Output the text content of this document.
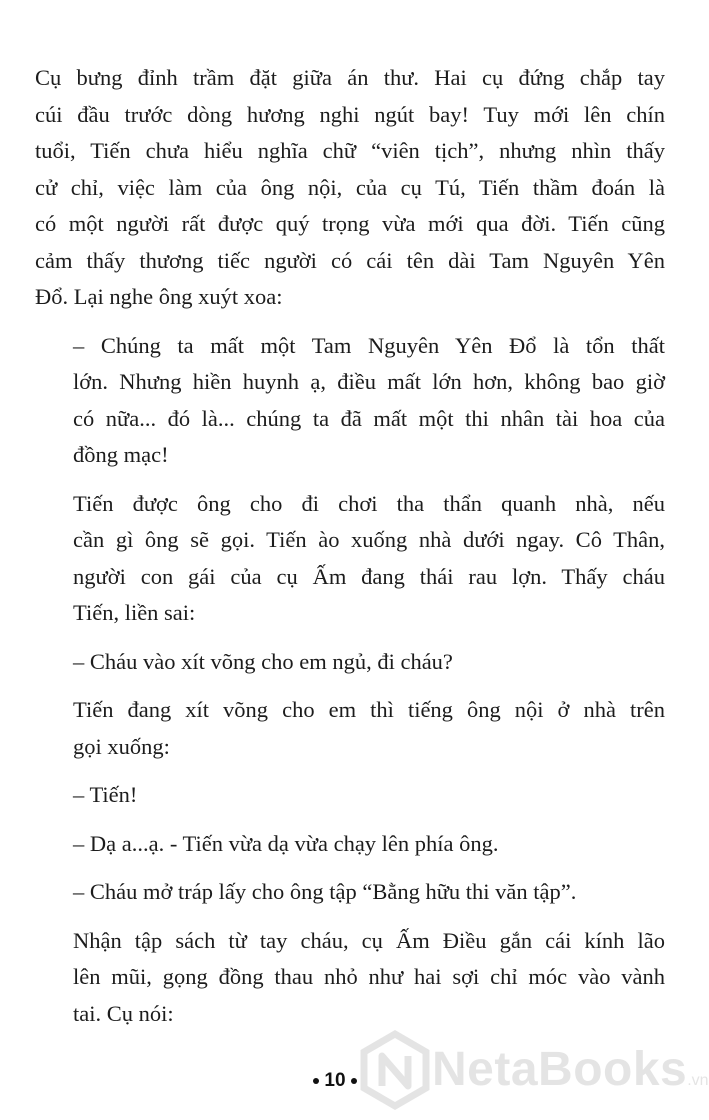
Cụ bưng đỉnh trầm đặt giữa án thư. Hai cụ đứng chắp tay
cúi đầu trước dòng hương nghi ngút bay! Tuy mới lên chín
tuổi, Tiến chưa hiểu nghĩa chữ “viên tịch”, nhưng nhìn thấy
cử chỉ, việc làm của ông nội, của cụ Tú, Tiến thầm đoán là
có một người rất được quý trọng vừa mới qua đời. Tiến cũng
cảm thấy thương tiếc người có cái tên dài Tam Nguyên Yên
Đổ. Lại nghe ông xuýt xoa:

– Chúng ta mất một Tam Nguyên Yên Đổ là tổn thất
lớn. Nhưng hiền huynh ạ, điều mất lớn hơn, không bao giờ
có nữa... đó là... chúng ta đã mất một thi nhân tài hoa của
đồng mạc!

Tiến được ông cho đi chơi tha thẩn quanh nhà, nếu
cần gì ông sẽ gọi. Tiến ào xuống nhà dưới ngay. Cô Thân,
người con gái của cụ Ấm đang thái rau lợn. Thấy cháu
Tiến, liền sai:

– Cháu vào xít võng cho em ngủ, đi cháu?

Tiến đang xít võng cho em thì tiếng ông nội ở nhà trên
gọi xuống:

– Tiến!

– Dạ a...ạ. - Tiến vừa dạ vừa chạy lên phía ông.

– Cháu mở tráp lấy cho ông tập “Bằng hữu thi văn tập”.

Nhận tập sách từ tay cháu, cụ Ấm Điều gắn cái kính lão
lên mũi, gọng đồng thau nhỏ như hai sợi chỉ móc vào vành
tai. Cụ nói:

NetaBooks.vn
10
